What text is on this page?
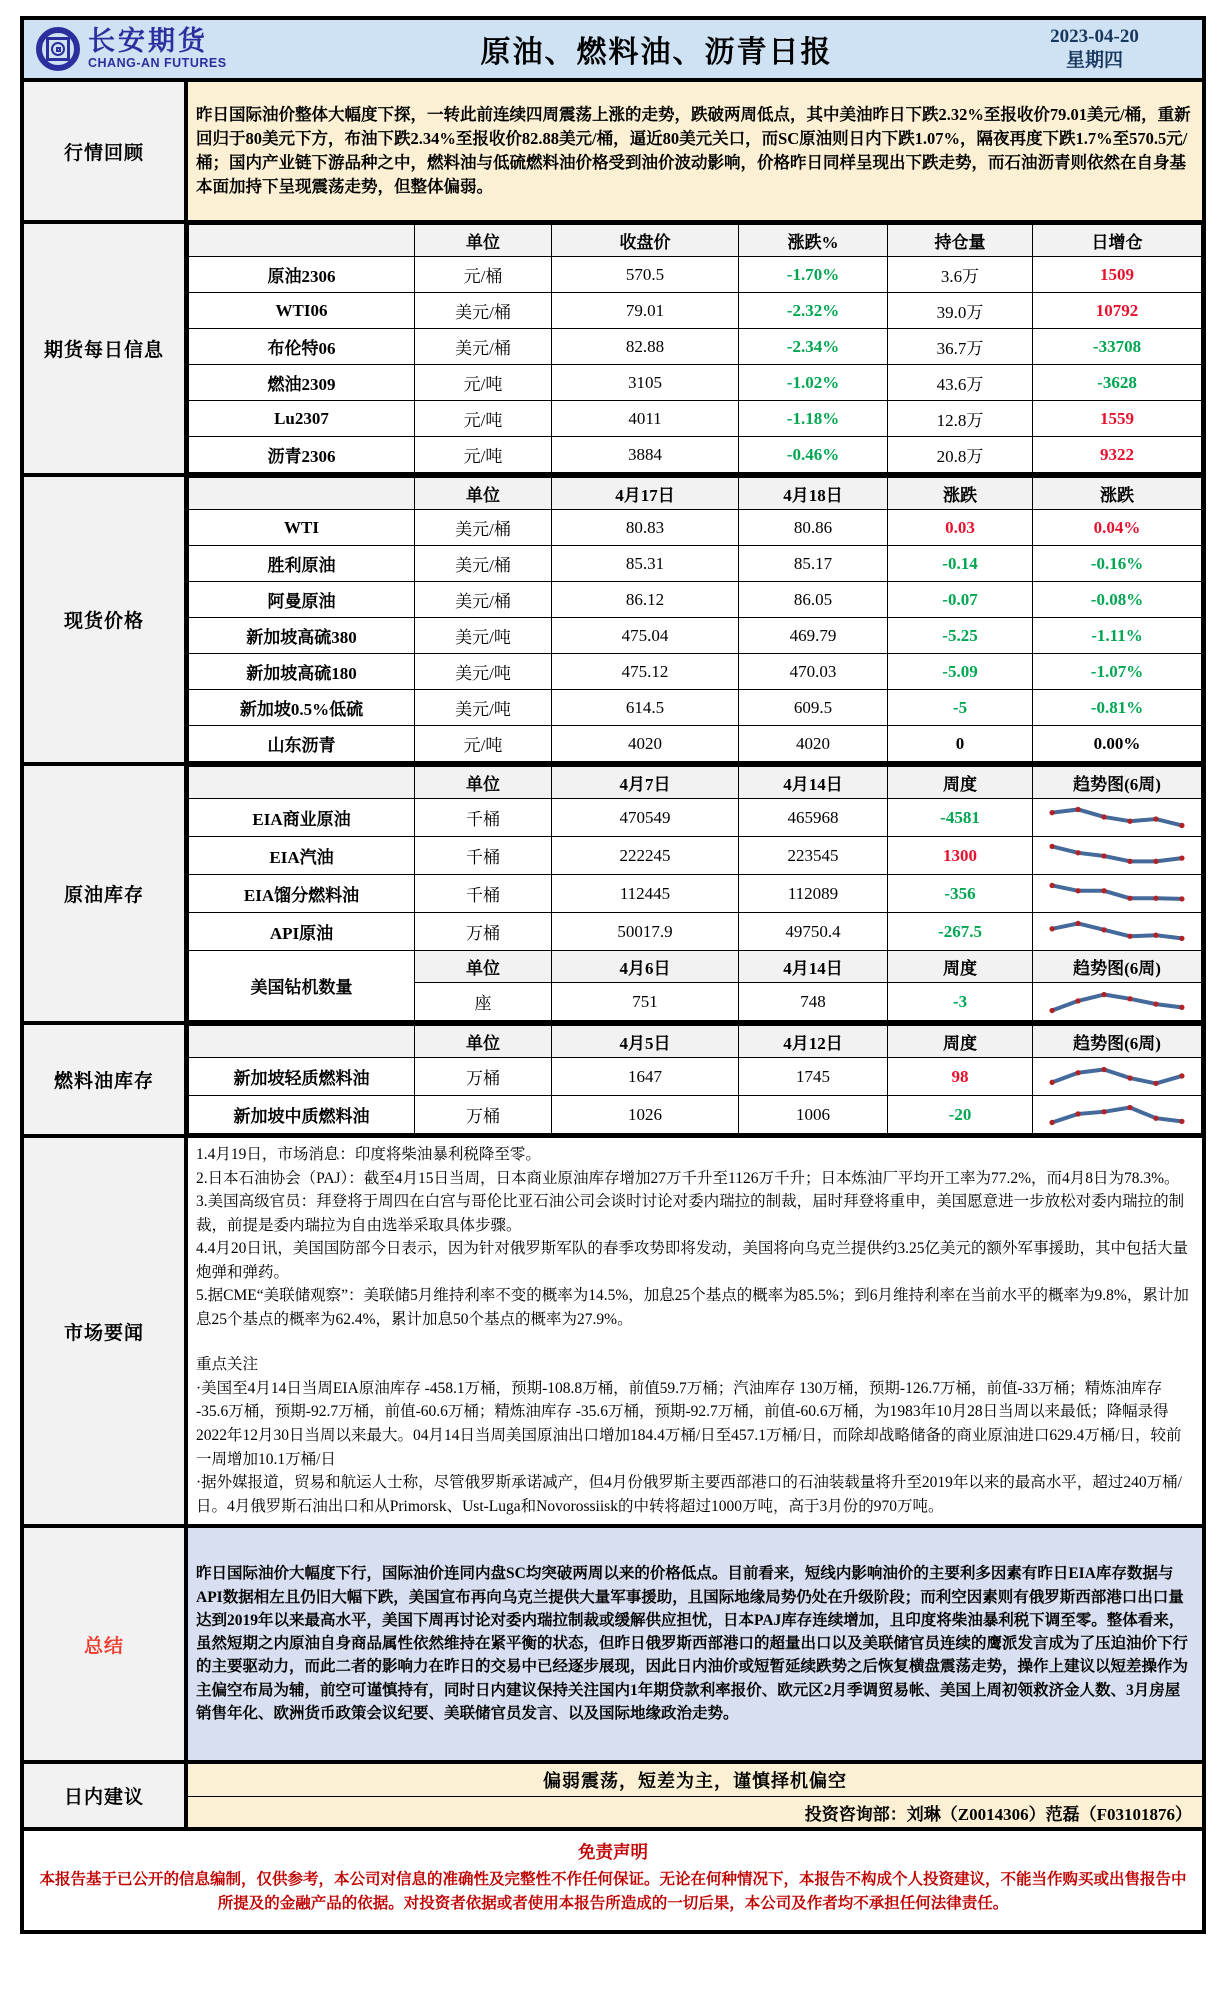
长安期货
CHANG-AN FUTURES	原油、燃料油、沥青日报	2023-04-20
星期四
行情回顾
昨日国际油价整体大幅度下探，一转此前连续四周震荡上涨的走势，跌破两周低点，其中美油昨日下跌2.32%至报收价79.01美元/桶，重新回归于80美元下方，布油下跌2.34%至报收价82.88美元/桶，逼近80美元关口，而SC原油则日内下跌1.07%，隔夜再度下跌1.7%至570.5元/桶；国内产业链下游品种之中，燃料油与低硫燃料油价格受到油价波动影响，价格昨日同样呈现出下跌走势，而石油沥青则依然在自身基本面加持下呈现震荡走势，但整体偏弱。
期货每日信息
	单位	收盘价	涨跌%	持仓量	日增仓
原油2306	元/桶	570.5	-1.70%	3.6万	1509
WTI06	美元/桶	79.01	-2.32%	39.0万	10792
布伦特06	美元/桶	82.88	-2.34%	36.7万	-33708
燃油2309	元/吨	3105	-1.02%	43.6万	-3628
Lu2307	元/吨	4011	-1.18%	12.8万	1559
沥青2306	元/吨	3884	-0.46%	20.8万	9322
现货价格
	单位	4月17日	4月18日	涨跌	涨跌
WTI	美元/桶	80.83	80.86	0.03	0.04%
胜利原油	美元/桶	85.31	85.17	-0.14	-0.16%
阿曼原油	美元/桶	86.12	86.05	-0.07	-0.08%
新加坡高硫380	美元/吨	475.04	469.79	-5.25	-1.11%
新加坡高硫180	美元/吨	475.12	470.03	-5.09	-1.07%
新加坡0.5%低硫	美元/吨	614.5	609.5	-5	-0.81%
山东沥青	元/吨	4020	4020	0	0.00%
原油库存
	单位	4月7日	4月14日	周度	趋势图(6周)
EIA商业原油	千桶	470549	465968	-4581	

EIA汽油	千桶	222245	223545	1300	

EIA馏分燃料油	千桶	112445	112089	-356	

API原油	万桶	50017.9	49750.4	-267.5	

美国钻机数量	单位	4月6日	4月14日	周度	趋势图(6周)
	座	751	748	-3	
燃料油库存
	单位	4月5日	4月12日	周度	趋势图(6周)
新加坡轻质燃料油	万桶	1647	1745	98	

新加坡中质燃料油	万桶	1026	1006	-20	
市场要闻
1.4月19日，市场消息：印度将柴油暴利税降至零。
2.日本石油协会（PAJ）：截至4月15日当周，日本商业原油库存增加27万千升至1126万千升；日本炼油厂平均开工率为77.2%，而4月8日为78.3%。
3.美国高级官员：拜登将于周四在白宫与哥伦比亚石油公司会谈时讨论对委内瑞拉的制裁，届时拜登将重申，美国愿意进一步放松对委内瑞拉的制裁，前提是委内瑞拉为自由选举采取具体步骤。
4.4月20日讯，美国国防部今日表示，因为针对俄罗斯军队的春季攻势即将发动，美国将向乌克兰提供约3.25亿美元的额外军事援助，其中包括大量炮弹和弹药。
5.据CME“美联储观察”：美联储5月维持利率不变的概率为14.5%，加息25个基点的概率为85.5%；到6月维持利率在当前水平的概率为9.8%，累计加息25个基点的概率为62.4%，累计加息50个基点的概率为27.9%。
重点关注
·美国至4月14日当周EIA原油库存 -458.1万桶，预期-108.8万桶，前值59.7万桶；汽油库存 130万桶，预期-126.7万桶，前值-33万桶；精炼油库存 -35.6万桶，预期-92.7万桶，前值-60.6万桶；精炼油库存 -35.6万桶，预期-92.7万桶，前值-60.6万桶，为1983年10月28日当周以来最低；降幅录得2022年12月30日当周以来最大。04月14日当周美国原油出口增加184.4万桶/日至457.1万桶/日，而除却战略储备的商业原油进口629.4万桶/日，较前一周增加10.1万桶/日
·据外媒报道，贸易和航运人士称，尽管俄罗斯承诺减产，但4月份俄罗斯主要西部港口的石油装载量将升至2019年以来的最高水平，超过240万桶/日。4月俄罗斯石油出口和从Primorsk、Ust-Luga和Novorossiisk的中转将超过1000万吨，高于3月份的970万吨。
总结
昨日国际油价大幅度下行，国际油价连同内盘SC均突破两周以来的价格低点。目前看来，短线内影响油价的主要利多因素有昨日EIA库存数据与API数据相左且仍旧大幅下跌，美国宣布再向乌克兰提供大量军事援助，且国际地缘局势仍处在升级阶段；而利空因素则有俄罗斯西部港口出口量达到2019年以来最高水平，美国下周再讨论对委内瑞拉制裁或缓解供应担忧，日本PAJ库存连续增加，且印度将柴油暴利税下调至零。整体看来，虽然短期之内原油自身商品属性依然维持在紧平衡的状态，但昨日俄罗斯西部港口的超量出口以及美联储官员连续的鹰派发言成为了压迫油价下行的主要驱动力，而此二者的影响力在昨日的交易中已经逐步展现，因此日内油价或短暂延续跌势之后恢复横盘震荡走势，操作上建议以短差操作为主偏空布局为辅，前空可谨慎持有，同时日内建议保持关注国内1年期贷款利率报价、欧元区2月季调贸易帐、美国上周初领救济金人数、3月房屋销售年化、欧洲货币政策会议纪要、美联储官员发言、以及国际地缘政治走势。
日内建议
偏弱震荡，短差为主，谨慎择机偏空
投资咨询部：刘琳（Z0014306）范磊（F03101876）
免责声明
本报告基于已公开的信息编制，仅供参考，本公司对信息的准确性及完整性不作任何保证。无论在何种情况下，本报告不构成个人投资建议，不能当作购买或出售报告中所提及的金融产品的依据。对投资者依据或者使用本报告所造成的一切后果，本公司及作者均不承担任何法律责任。
